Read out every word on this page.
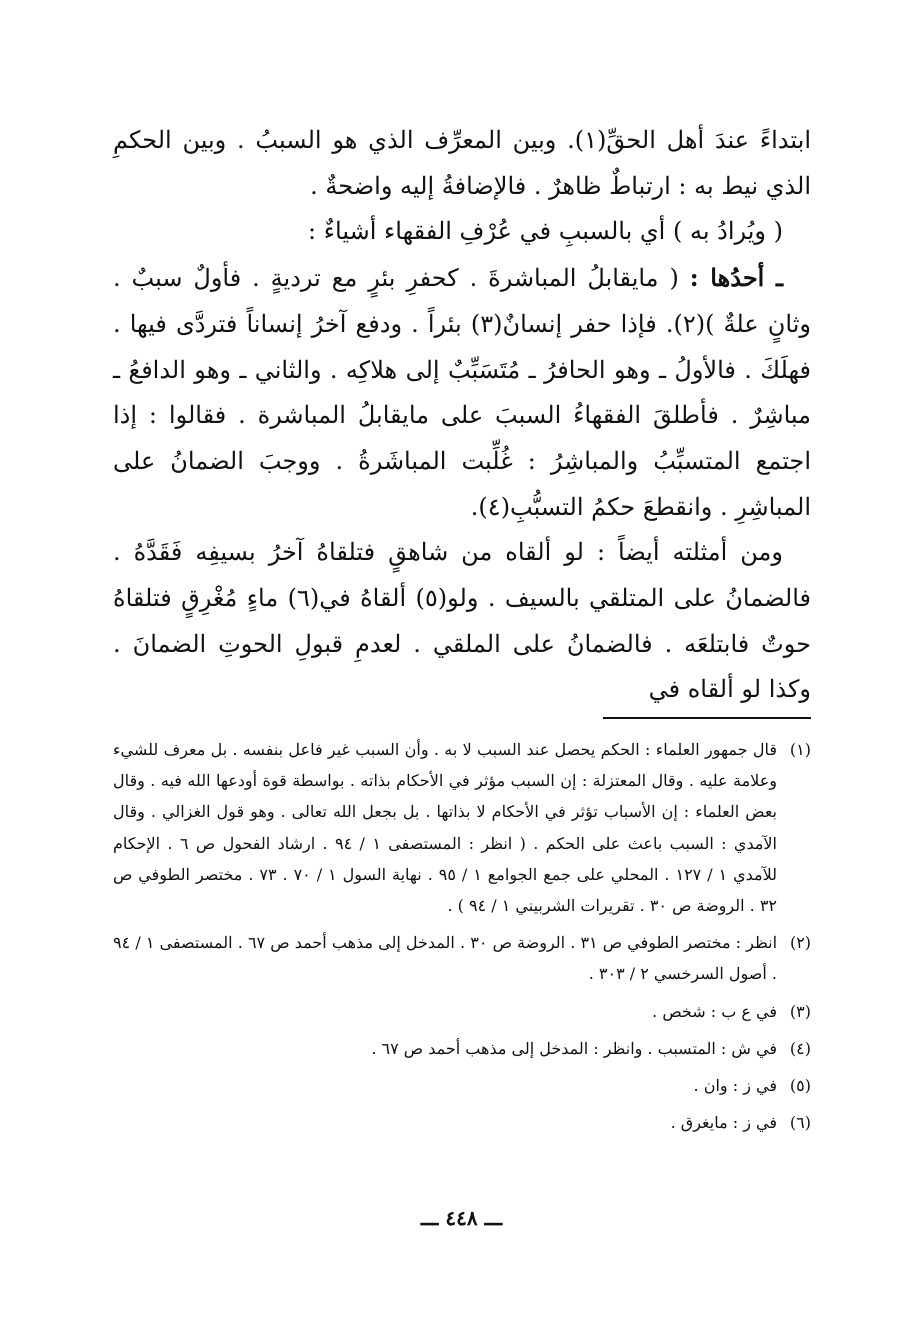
ابتداءً عندَ أهل الحقِّ(١). وبين المعرِّف الذي هو السببُ . وبين الحكمِ الذي نيط به : ارتباطٌ ظاهرٌ . فالإضافةُ إليه واضحةٌ .

( ويُرادُ به ) أي بالسببِ في عُرْفِ الفقهاء أشياءٌ :

ـ أحدُها : ( مايقابلُ المباشرةَ . كحفرِ بئرٍ مع ترديةٍ . فأولٌ سببٌ . وثانٍ علةٌ )(٢). فإذا حفر إنسانٌ(٣) بئراً . ودفع آخرُ إنساناً فتردَّى فيها . فهلَكَ . فالأولُ ـ وهو الحافرُ ـ مُتَسَبِّبٌ إلى هلاكِه . والثاني ـ وهو الدافعُ ـ مباشِرٌ . فأطلقَ الفقهاءُ السببَ على مايقابلُ المباشرة . فقالوا : إذا اجتمع المتسبِّبُ والمباشِرُ : غُلِّبت المباشَرةُ . ووجبَ الضمانُ على المباشِرِ . وانقطعَ حكمُ التسبُّبِ(٤).

ومن أمثلته أيضاً : لو ألقاه من شاهقٍ فتلقاهُ آخرُ بسيفِه فَقَدَّهُ . فالضمانُ على المتلقي بالسيف . ولو(٥) ألقاهُ في(٦) ماءٍ مُغْرِقٍ فتلقاهُ حوتٌ فابتلعَه . فالضمانُ على الملقي . لعدمِ قبولِ الحوتِ الضمانَ . وكذا لو ألقاه في

(١)قال جمهور العلماء : الحكم يحصل عند السبب لا به . وأن السبب غير فاعل بنفسه . بل معرف للشيء وعلامة عليه . وقال المعتزلة : إن السبب مؤثر في الأحكام بذاته . بواسطة قوة أودعها الله فيه . وقال بعض العلماء : إن الأسباب تؤثر في الأحكام لا بذاتها . بل بجعل الله تعالى . وهو قول الغزالي . وقال الآمدي : السبب باعث على الحكم . ( انظر : المستصفى ١ / ٩٤ . ارشاد الفحول ص ٦ . الإحكام للآمدي ١ / ١٢٧ . المحلي على جمع الجوامع ١ / ٩٥ . نهاية السول ١ / ٧٠ . ٧٣ . مختصر الطوفي ص ٣٢ . الروضة ص ٣٠ . تقريرات الشربيني ١ / ٩٤ ) .

(٢)انظر : مختصر الطوفي ص ٣١ . الروضة ص ٣٠ . المدخل إلى مذهب أحمد ص ٦٧ . المستصفى ١ / ٩٤ . أصول السرخسي ٢ / ٣٠٣ .

(٣)في ع ب : شخص .

(٤)في ش : المتسبب . وانظر : المدخل إلى مذهب أحمد ص ٦٧ .

(٥)في ز : وان .

(٦)في ز : مايغرق .

ـــ ٤٤٨ ـــ
